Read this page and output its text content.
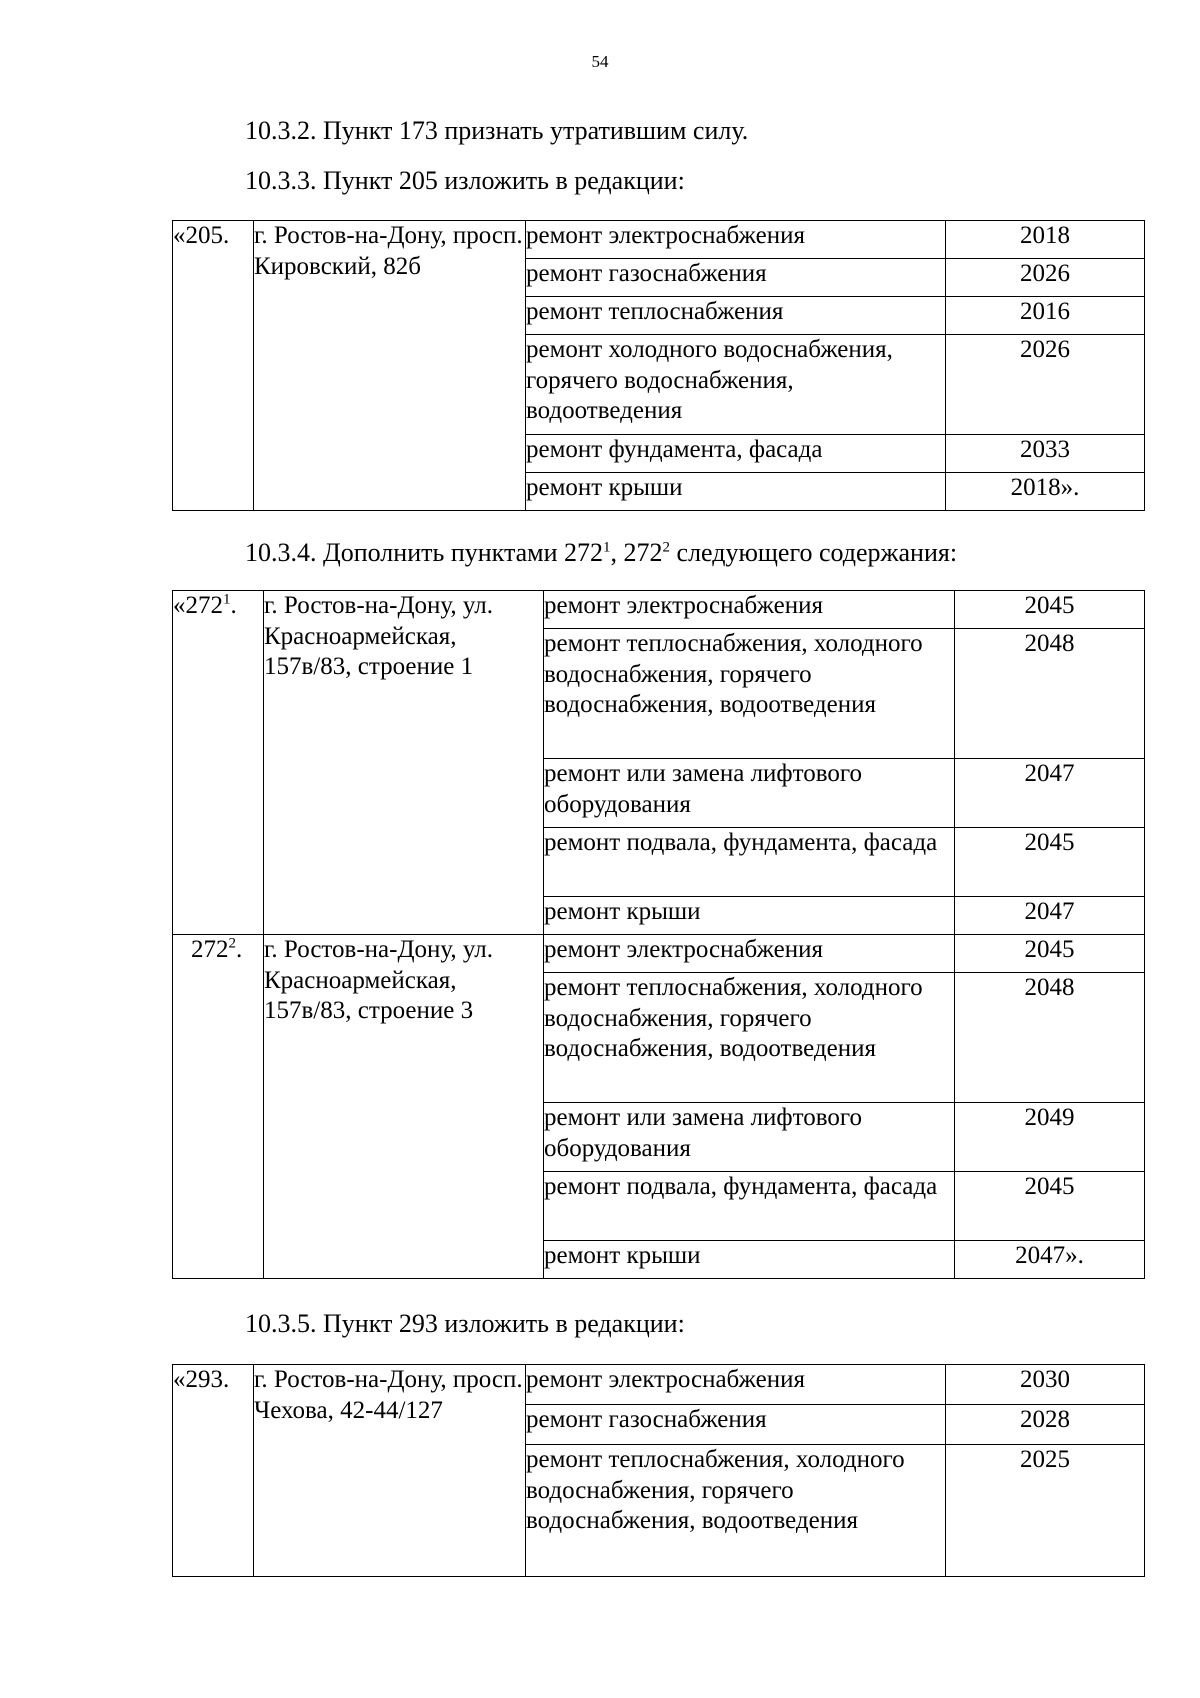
54
10.3.2. Пункт 173 признать утратившим силу.
10.3.3. Пункт 205 изложить в редакции:
«205.	г. Ростов-на-Дону, просп. Кировский, 82б	ремонт электроснабжения	2018
		ремонт газоснабжения	2026
		ремонт теплоснабжения	2016
		ремонт холодного водоснабжения, горячего водоснабжения, водоотведения	2026
		ремонт фундамента, фасада	2033
		ремонт крыши	2018».
10.3.4. Дополнить пунктами $272^1$, $272^2$ следующего содержания:
«$272^1$.	г. Ростов-на-Дону, ул. Красноармейская, 157в/83, строение 1	ремонт электроснабжения	2045
		ремонт теплоснабжения, холодного водоснабжения, горячего водоснабжения, водоотведения	2048
		ремонт или замена лифтового оборудования	2047
		ремонт подвала, фундамента, фасада	2045
		ремонт крыши	2047
$272^2$.	г. Ростов-на-Дону, ул. Красноармейская, 157в/83, строение 3	ремонт электроснабжения	2045
		ремонт теплоснабжения, холодного водоснабжения, горячего водоснабжения, водоотведения	2048
		ремонт или замена лифтового оборудования	2049
		ремонт подвала, фундамента, фасада	2045
		ремонт крыши	2047».
10.3.5. Пункт 293 изложить в редакции:
«293.	г. Ростов-на-Дону, просп. Чехова, 42-44/127	ремонт электроснабжения	2030
		ремонт газоснабжения	2028
		ремонт теплоснабжения, холодного водоснабжения, горячего водоснабжения, водоотведения	2025
